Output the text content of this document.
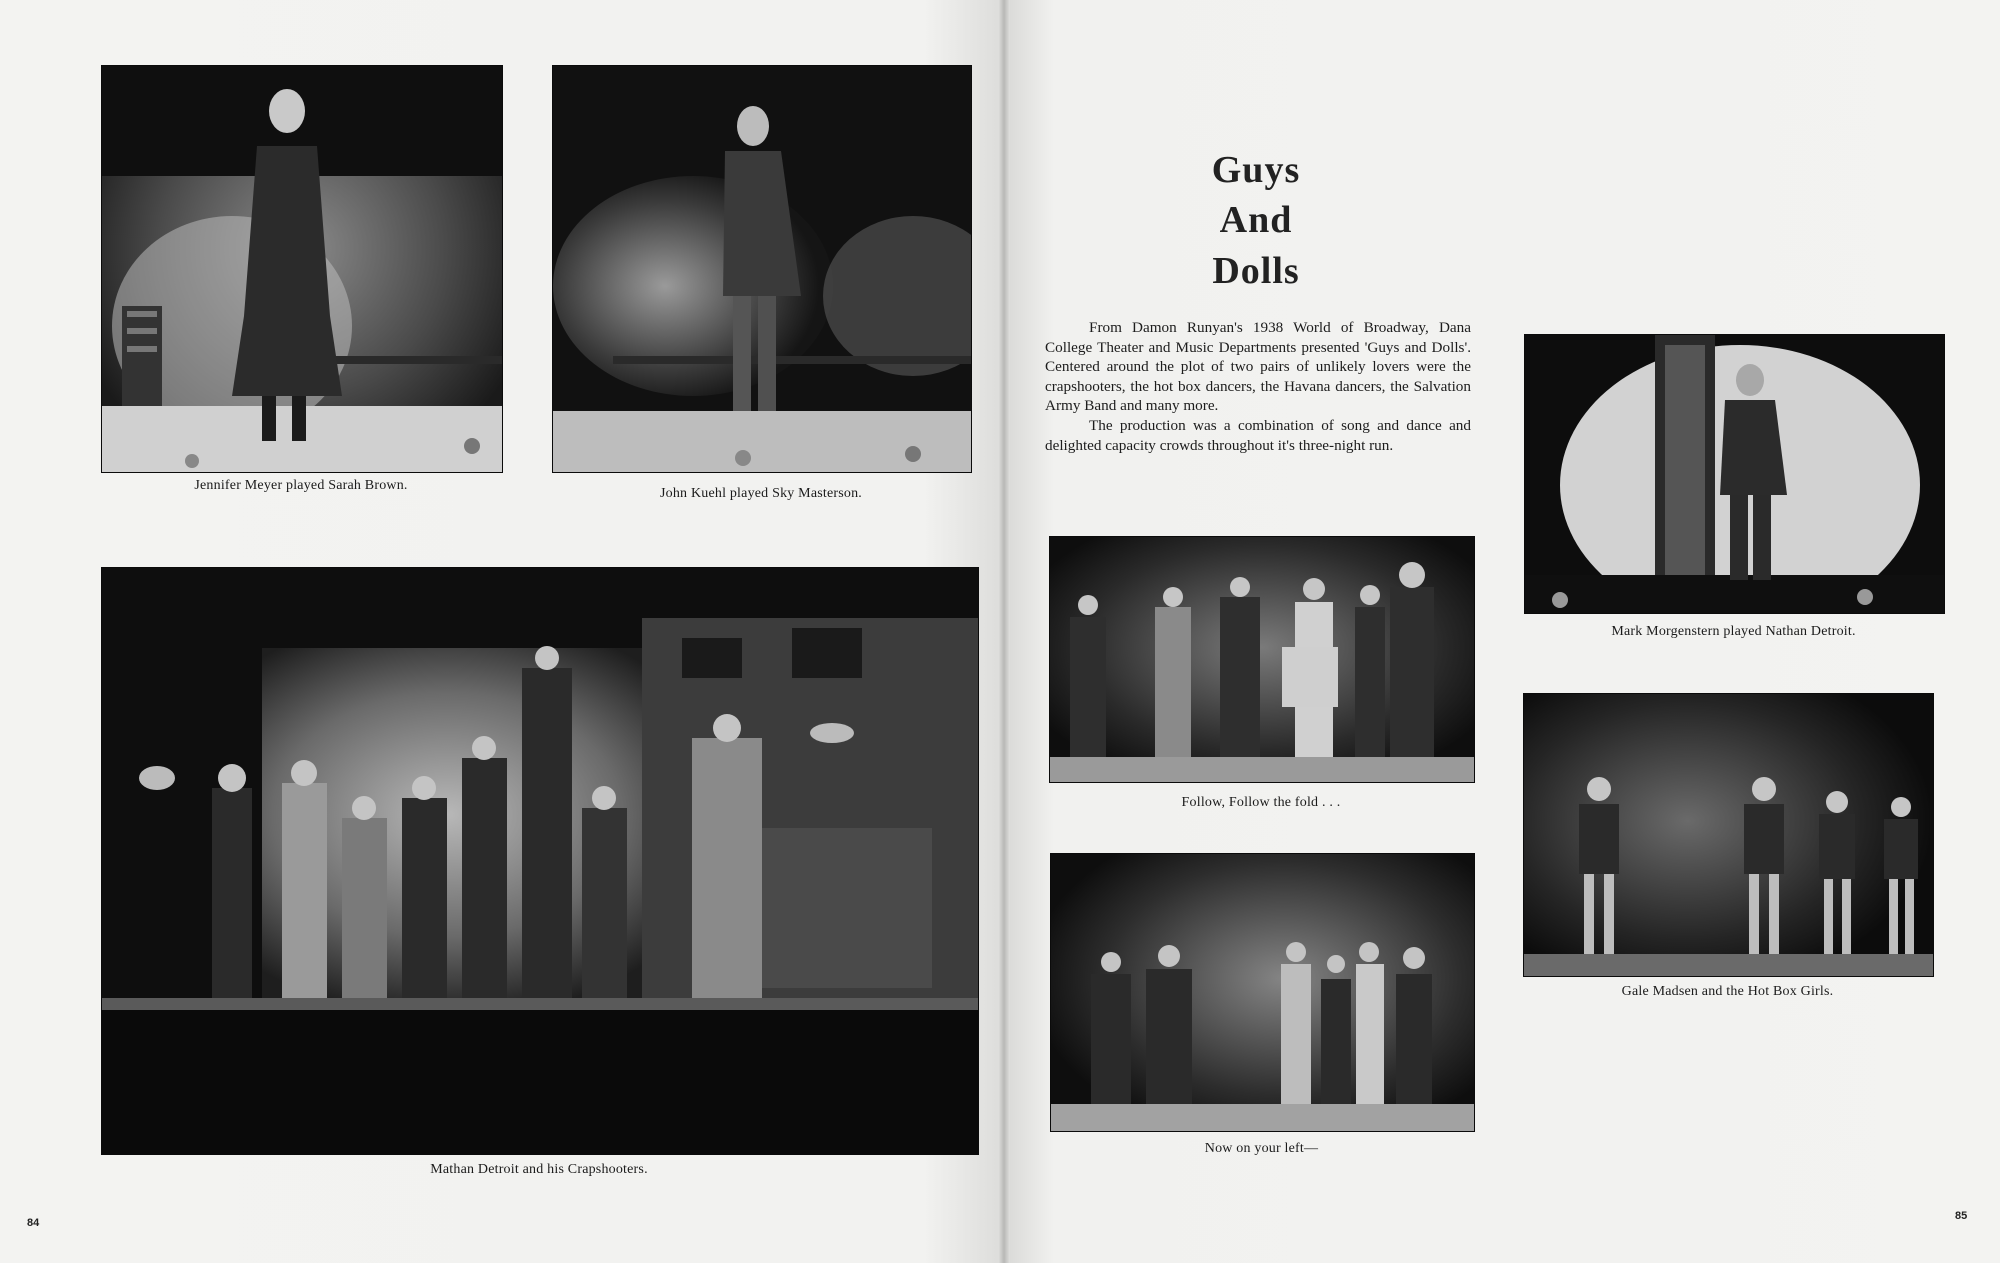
Jennifer Meyer played Sarah Brown.
John Kuehl played Sky Masterson.
Mathan Detroit and his Crapshooters.
84
Guys
And
Dolls

From Damon Runyan's 1938 World of Broadway, Dana College Theater and Music Departments presented 'Guys and Dolls'. Centered around the plot of two pairs of unlikely lovers were the crapshooters, the hot box dancers, the Havana dancers, the Salvation Army Band and many more.

The production was a combination of song and dance and delighted capacity crowds throughout it's three-night run.

Follow, Follow the fold . . .
Now on your left—
Mark Morgenstern played Nathan Detroit.
Gale Madsen and the Hot Box Girls.
85
